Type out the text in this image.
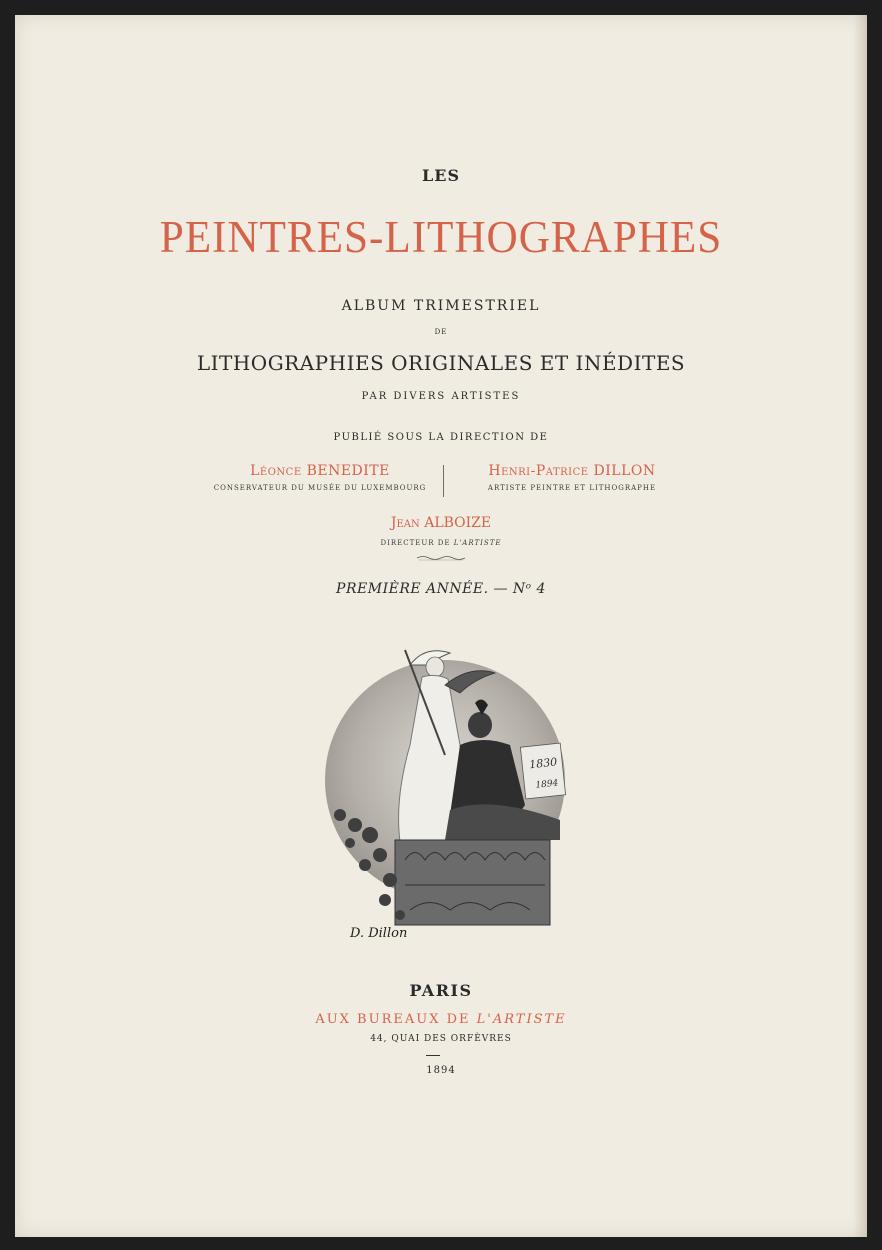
LES
PEINTRES-LITHOGRAPHES
ALBUM TRIMESTRIEL
DE
LITHOGRAPHIES ORIGINALES ET INÉDITES
PAR DIVERS ARTISTES
PUBLIÉ SOUS LA DIRECTION DE
Léonce BENEDITE
CONSERVATEUR DU MUSÉE DU LUXEMBOURG
Henri-Patrice DILLON
ARTISTE PEINTRE ET LITHOGRAPHE
Jean ALBOIZE
DIRECTEUR DE L'ARTISTE
PREMIÈRE ANNÉE. — Nᵒ 4
1830
1894
D. Dillon
PARIS
AUX BUREAUX DE L'ARTISTE
44, QUAI DES ORFÈVRES
1894
